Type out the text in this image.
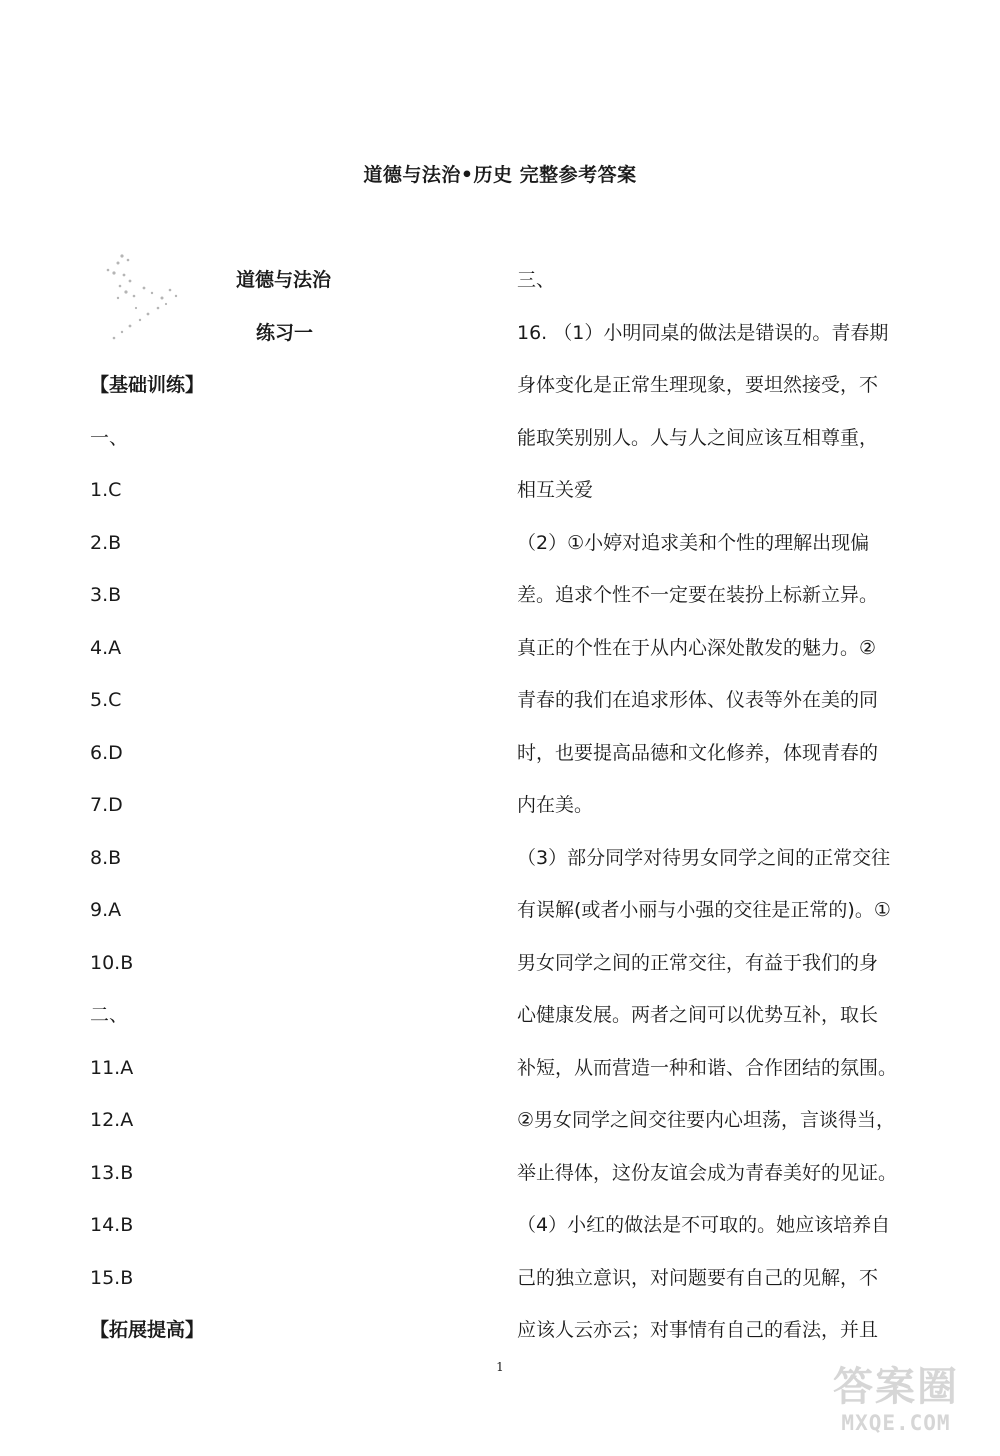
道德与法治•历史 完整参考答案
道德与法治
练习一
【基础训练】
一、
1.C
2.B
3.B
4.A
5.C
6.D
7.D
8.B
9.A
10.B
二、
11.A
12.A
13.B
14.B
15.B
【拓展提高】
三、
16. （1）小明同桌的做法是错误的。青春期
身体变化是正常生理现象，要坦然接受，不
能取笑别别人。人与人之间应该互相尊重，
相互关爱
（2）①小婷对追求美和个性的理解出现偏
差。追求个性不一定要在装扮上标新立异。
真正的个性在于从内心深处散发的魅力。②
青春的我们在追求形体、仪表等外在美的同
时，也要提高品德和文化修养，体现青春的
内在美。
（3）部分同学对待男女同学之间的正常交往
有误解(或者小丽与小强的交往是正常的)。①
男女同学之间的正常交往，有益于我们的身
心健康发展。两者之间可以优势互补，取长
补短，从而营造一种和谐、合作团结的氛围。
②男女同学之间交往要内心坦荡，言谈得当，
举止得体，这份友谊会成为青春美好的见证。
（4）小红的做法是不可取的。她应该培养自
己的独立意识，对问题要有自己的见解，不
应该人云亦云；对事情有自己的看法，并且
1	答案圈
MXQE.COM
